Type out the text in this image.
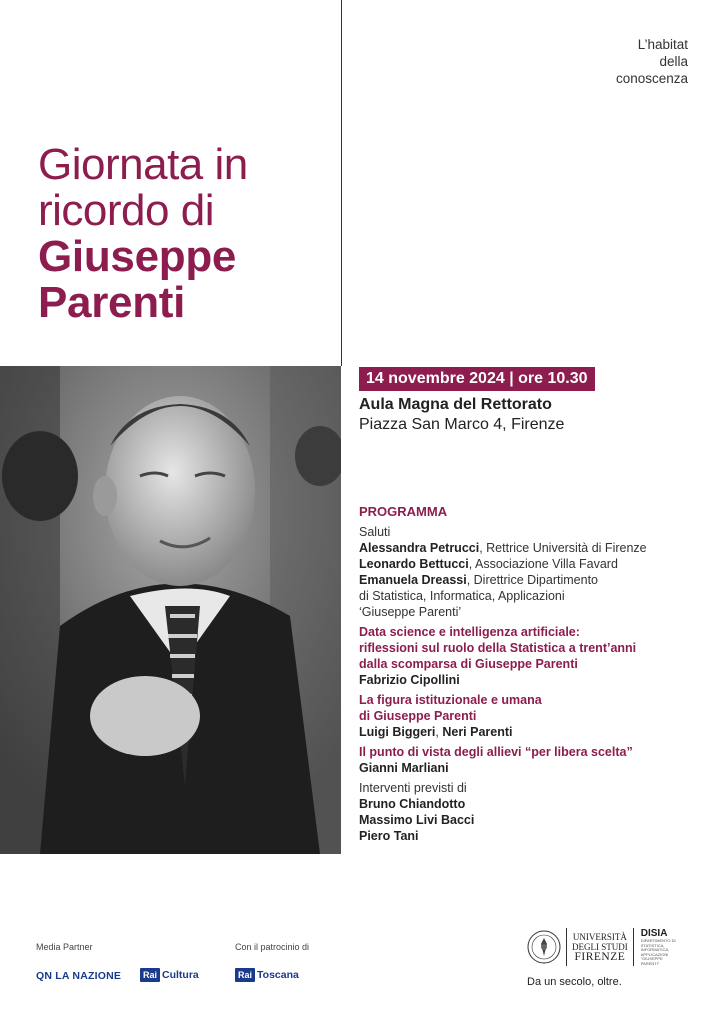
L’habitat
della
conoscenza
Giornata in
ricordo di
Giuseppe
Parenti
14 novembre 2024 | ore 10.30
Aula Magna del Rettorato
Piazza San Marco 4, Firenze
PROGRAMMA
Saluti
Alessandra Petrucci, Rettrice Università di Firenze
Leonardo Bettucci, Associazione Villa Favard
Emanuela Dreassi, Direttrice Dipartimento
di Statistica, Informatica, Applicazioni
‘Giuseppe Parenti’
Data science e intelligenza artificiale:
riflessioni sul ruolo della Statistica a trent’anni
dalla scomparsa di Giuseppe Parenti
Fabrizio Cipollini
La figura istituzionale e umana
di Giuseppe Parenti
Luigi Biggeri, Neri Parenti
Il punto di vista degli allievi “per libera scelta”
Gianni Marliani
Interventi previsti di
Bruno Chiandotto
Massimo Livi Bacci
Piero Tani
Media Partner	Con il patrocinio di
QN LA NAZIONE	Rai Cultura	Rai Toscana
UNIVERSITÀ
DEGLI STUDI
FIRENZE
DISIA
DIPARTIMENTO DI STATISTICA, INFORMATICA, APPLICAZIONI "GIUSEPPE PARENTI"
Da un secolo, oltre.
